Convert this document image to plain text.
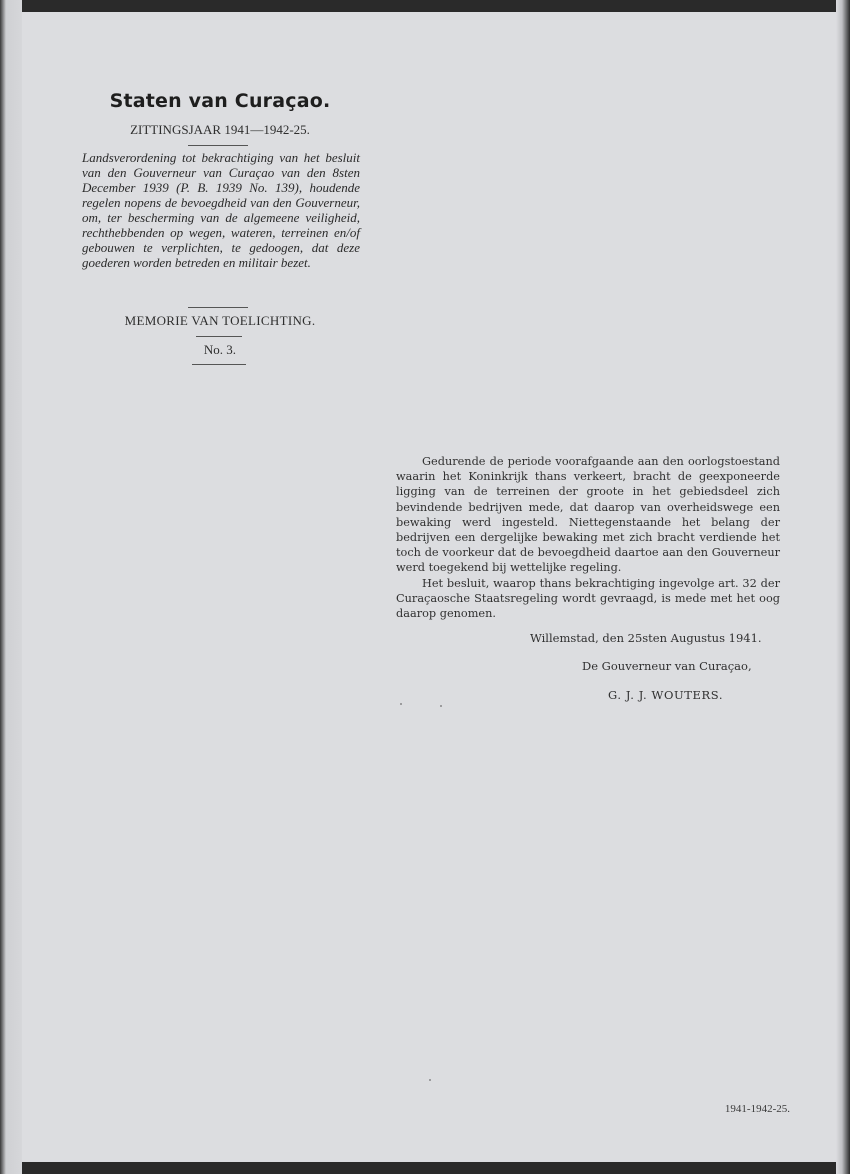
Staten van Curaçao.
ZITTINGSJAAR 1941—1942-25.

Landsverordening tot bekrachtiging van het besluit van den Gouverneur van Curaçao van den 8sten December 1939 (P. B. 1939 No. 139), houdende regelen nopens de bevoegdheid van den Gouverneur, om, ter bescherming van de algemeene veiligheid, rechthebbenden op wegen, wateren, terreinen en/of gebouwen te verplichten, te gedoogen, dat deze goederen worden betreden en militair bezet.

MEMORIE VAN TOELICHTING.
No. 3.

Gedurende de periode voorafgaande aan den oorlogstoestand waarin het Koninkrijk thans verkeert, bracht de geexponeerde ligging van de terreinen der groote in het gebiedsdeel zich bevindende bedrijven mede, dat daarop van overheidswege een bewaking werd ingesteld. Niettegenstaande het belang der bedrijven een dergelijke bewaking met zich bracht verdiende het toch de voorkeur dat de bevoegdheid daartoe aan den Gouverneur werd toegekend bij wettelijke regeling.

Het besluit, waarop thans bekrachtiging ingevolge art. 32 der Curaçaosche Staatsregeling wordt gevraagd, is mede met het oog daarop genomen.

Willemstad, den 25sten Augustus 1941.
De Gouverneur van Curaçao,
G. J. J. WOUTERS.
1941-1942-25.
